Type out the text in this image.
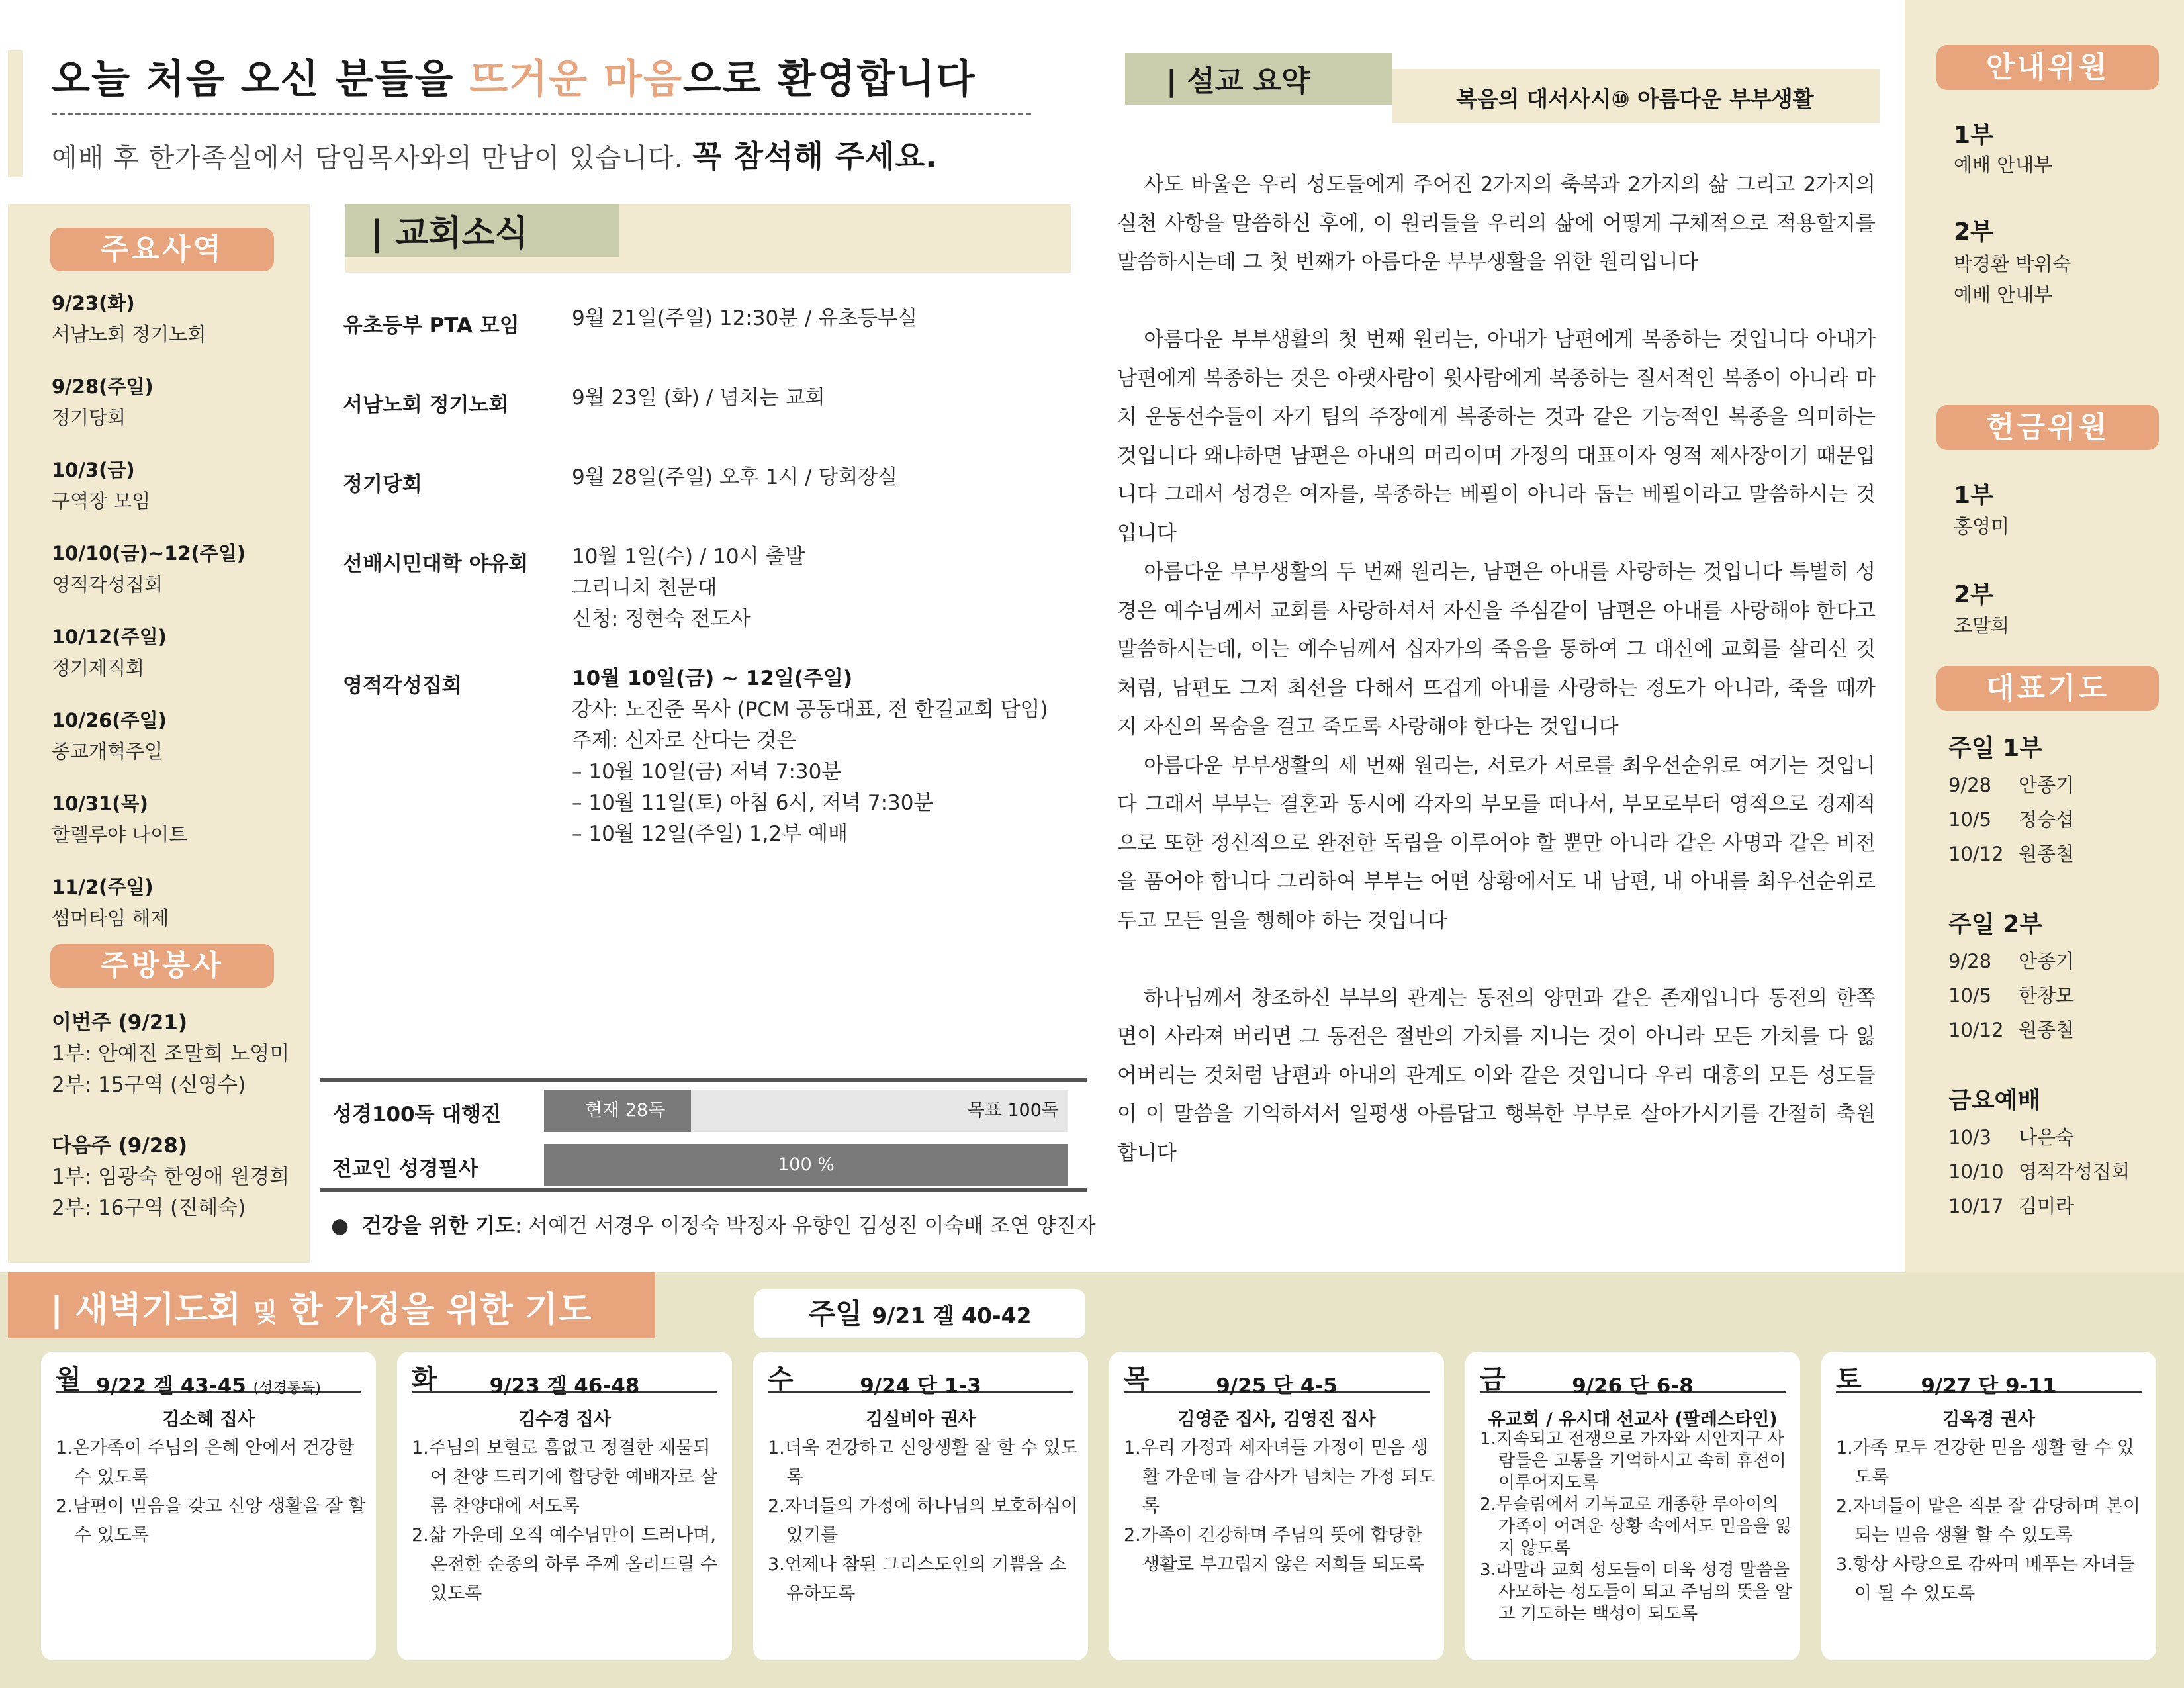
오늘 처음 오신 분들을 뜨거운 마음으로 환영합니다
예배 후 한가족실에서 담임목사와의 만남이 있습니다. 꼭 참석해 주세요.
주요사역
9/23(화)
서남노회 정기노회
9/28(주일)
정기당회
10/3(금)
구역장 모임
10/10(금)~12(주일)
영적각성집회
10/12(주일)
정기제직회
10/26(주일)
종교개혁주일
10/31(목)
할렐루야 나이트
11/2(주일)
썸머타임 해제
주방봉사
이번주 (9/21)
1부: 안예진 조말희 노영미
2부: 15구역 (신영수)
다음주 (9/28)
1부: 임광숙 한영애 원경희
2부: 16구역 (진혜숙)
| 교회소식
유초등부 PTA 모임	9월 21일(주일) 12:30분 / 유초등부실
서남노회 정기노회	9월 23일 (화) / 넘치는 교회
정기당회	9월 28일(주일) 오후 1시 / 당회장실
선배시민대학 야유회 10월 1일(수) / 10시 출발
그리니치 천문대
신청: 정현숙 전도사
영적각성집회	10월 10일(금) ~ 12일(주일)
강사: 노진준 목사 (PCM 공동대표, 전 한길교회 담임)
주제: 신자로 산다는 것은
– 10월 10일(금) 저녁 7:30분
– 10월 11일(토) 아침 6시, 저녁 7:30분
– 10월 12일(주일) 1,2부 예배
성경100독 대행진	현재 28독	목표 100독
전교인 성경필사	100 %
● 건강을 위한 기도: 서예건 서경우 이정숙 박정자 유향인 김성진 이숙배 조연 양진자
| 설교 요약
복음의 대서사시⑩ 아름다운 부부생활

사도 바울은 우리 성도들에게 주어진 2가지의 축복과 2가지의 삶 그리고 2가지의 실천 사항을 말씀하신 후에, 이 원리들을 우리의 삶에 어떻게 구체적으로 적용할지를 말씀하시는데 그 첫 번째가 아름다운 부부생활을 위한 원리입니다

아름다운 부부생활의 첫 번째 원리는, 아내가 남편에게 복종하는 것입니다 아내가 남편에게 복종하는 것은 아랫사람이 윗사람에게 복종하는 질서적인 복종이 아니라 마치 운동선수들이 자기 팀의 주장에게 복종하는 것과 같은 기능적인 복종을 의미하는 것입니다 왜냐하면 남편은 아내의 머리이며 가정의 대표이자 영적 제사장이기 때문입니다 그래서 성경은 여자를, 복종하는 베필이 아니라 돕는 베필이라고 말씀하시는 것입니다

아름다운 부부생활의 두 번째 원리는, 남편은 아내를 사랑하는 것입니다 특별히 성경은 예수님께서 교회를 사랑하셔서 자신을 주심같이 남편은 아내를 사랑해야 한다고 말씀하시는데, 이는 예수님께서 십자가의 죽음을 통하여 그 대신에 교회를 살리신 것처럼, 남편도 그저 최선을 다해서 뜨겁게 아내를 사랑하는 정도가 아니라, 죽을 때까지 자신의 목숨을 걸고 죽도록 사랑해야 한다는 것입니다

아름다운 부부생활의 세 번째 원리는, 서로가 서로를 최우선순위로 여기는 것입니다 그래서 부부는 결혼과 동시에 각자의 부모를 떠나서, 부모로부터 영적으로 경제적으로 또한 정신적으로 완전한 독립을 이루어야 할 뿐만 아니라 같은 사명과 같은 비전을 품어야 합니다 그리하여 부부는 어떤 상황에서도 내 남편, 내 아내를 최우선순위로 두고 모든 일을 행해야 하는 것입니다

하나님께서 창조하신 부부의 관계는 동전의 양면과 같은 존재입니다 동전의 한쪽 면이 사라져 버리면 그 동전은 절반의 가치를 지니는 것이 아니라 모든 가치를 다 잃어버리는 것처럼 남편과 아내의 관계도 이와 같은 것입니다 우리 대흥의 모든 성도들이 이 말씀을 기억하셔서 일평생 아름답고 행복한 부부로 살아가시기를 간절히 축원합니다

안내위원
1부
예배 안내부
2부
박경환 박위숙
예배 안내부
헌금위원
1부
홍영미
2부
조말희
대표기도
주일 1부
9/28 안종기
10/5 정승섭
10/12 원종철
주일 2부
9/28 안종기
10/5 한창모
10/12 원종철
금요예배
10/3 나은숙
10/10 영적각성집회
10/17 김미라
| 새벽기도회 및 한 가정을 위한 기도	주일 9/21 겔 40-42
월 9/22 겔 43-45 (성경통독)
김소혜 집사
1.온가족이 주님의 은혜 안에서 건강할 수 있도록
2.남편이 믿음을 갖고 신앙 생활을 잘 할 수 있도록
화	9/23 겔 46-48
김수경 집사
1.주님의 보혈로 흠없고 정결한 제물되어 찬양 드리기에 합당한 예배자로 살롬 찬양대에 서도록
2.삶 가운데 오직 예수님만이 드러나며, 온전한 순종의 하루 주께 올려드릴 수 있도록
수	9/24 단 1-3
김실비아 권사
1.더욱 건강하고 신앙생활 잘 할 수 있도록
2.자녀들의 가정에 하나님의 보호하심이 있기를
3.언제나 참된 그리스도인의 기쁨을 소유하도록
목	9/25 단 4-5
김영준 집사, 김영진 집사
1.우리 가정과 세자녀들 가정이 믿음 생활 가운데 늘 감사가 넘치는 가정 되도록
2.가족이 건강하며 주님의 뜻에 합당한 생활로 부끄럽지 않은 저희들 되도록
금	9/26 단 6-8
유교회 / 유시대 선교사 (팔레스타인)
1.지속되고 전쟁으로 가자와 서안지구 사람들은 고통을 기억하시고 속히 휴전이 이루어지도록
2.무슬림에서 기독교로 개종한 루아이의 가족이 어려운 상황 속에서도 믿음을 잃지 않도록
3.라말라 교회 성도들이 더욱 성경 말씀을 사모하는 성도들이 되고 주님의 뜻을 알고 기도하는 백성이 되도록
토	9/27 단 9-11
김옥경 권사
1.가족 모두 건강한 믿음 생활 할 수 있도록
2.자녀들이 맡은 직분 잘 감당하며 본이 되는 믿음 생활 할 수 있도록
3.항상 사랑으로 감싸며 베푸는 자녀들이 될 수 있도록
